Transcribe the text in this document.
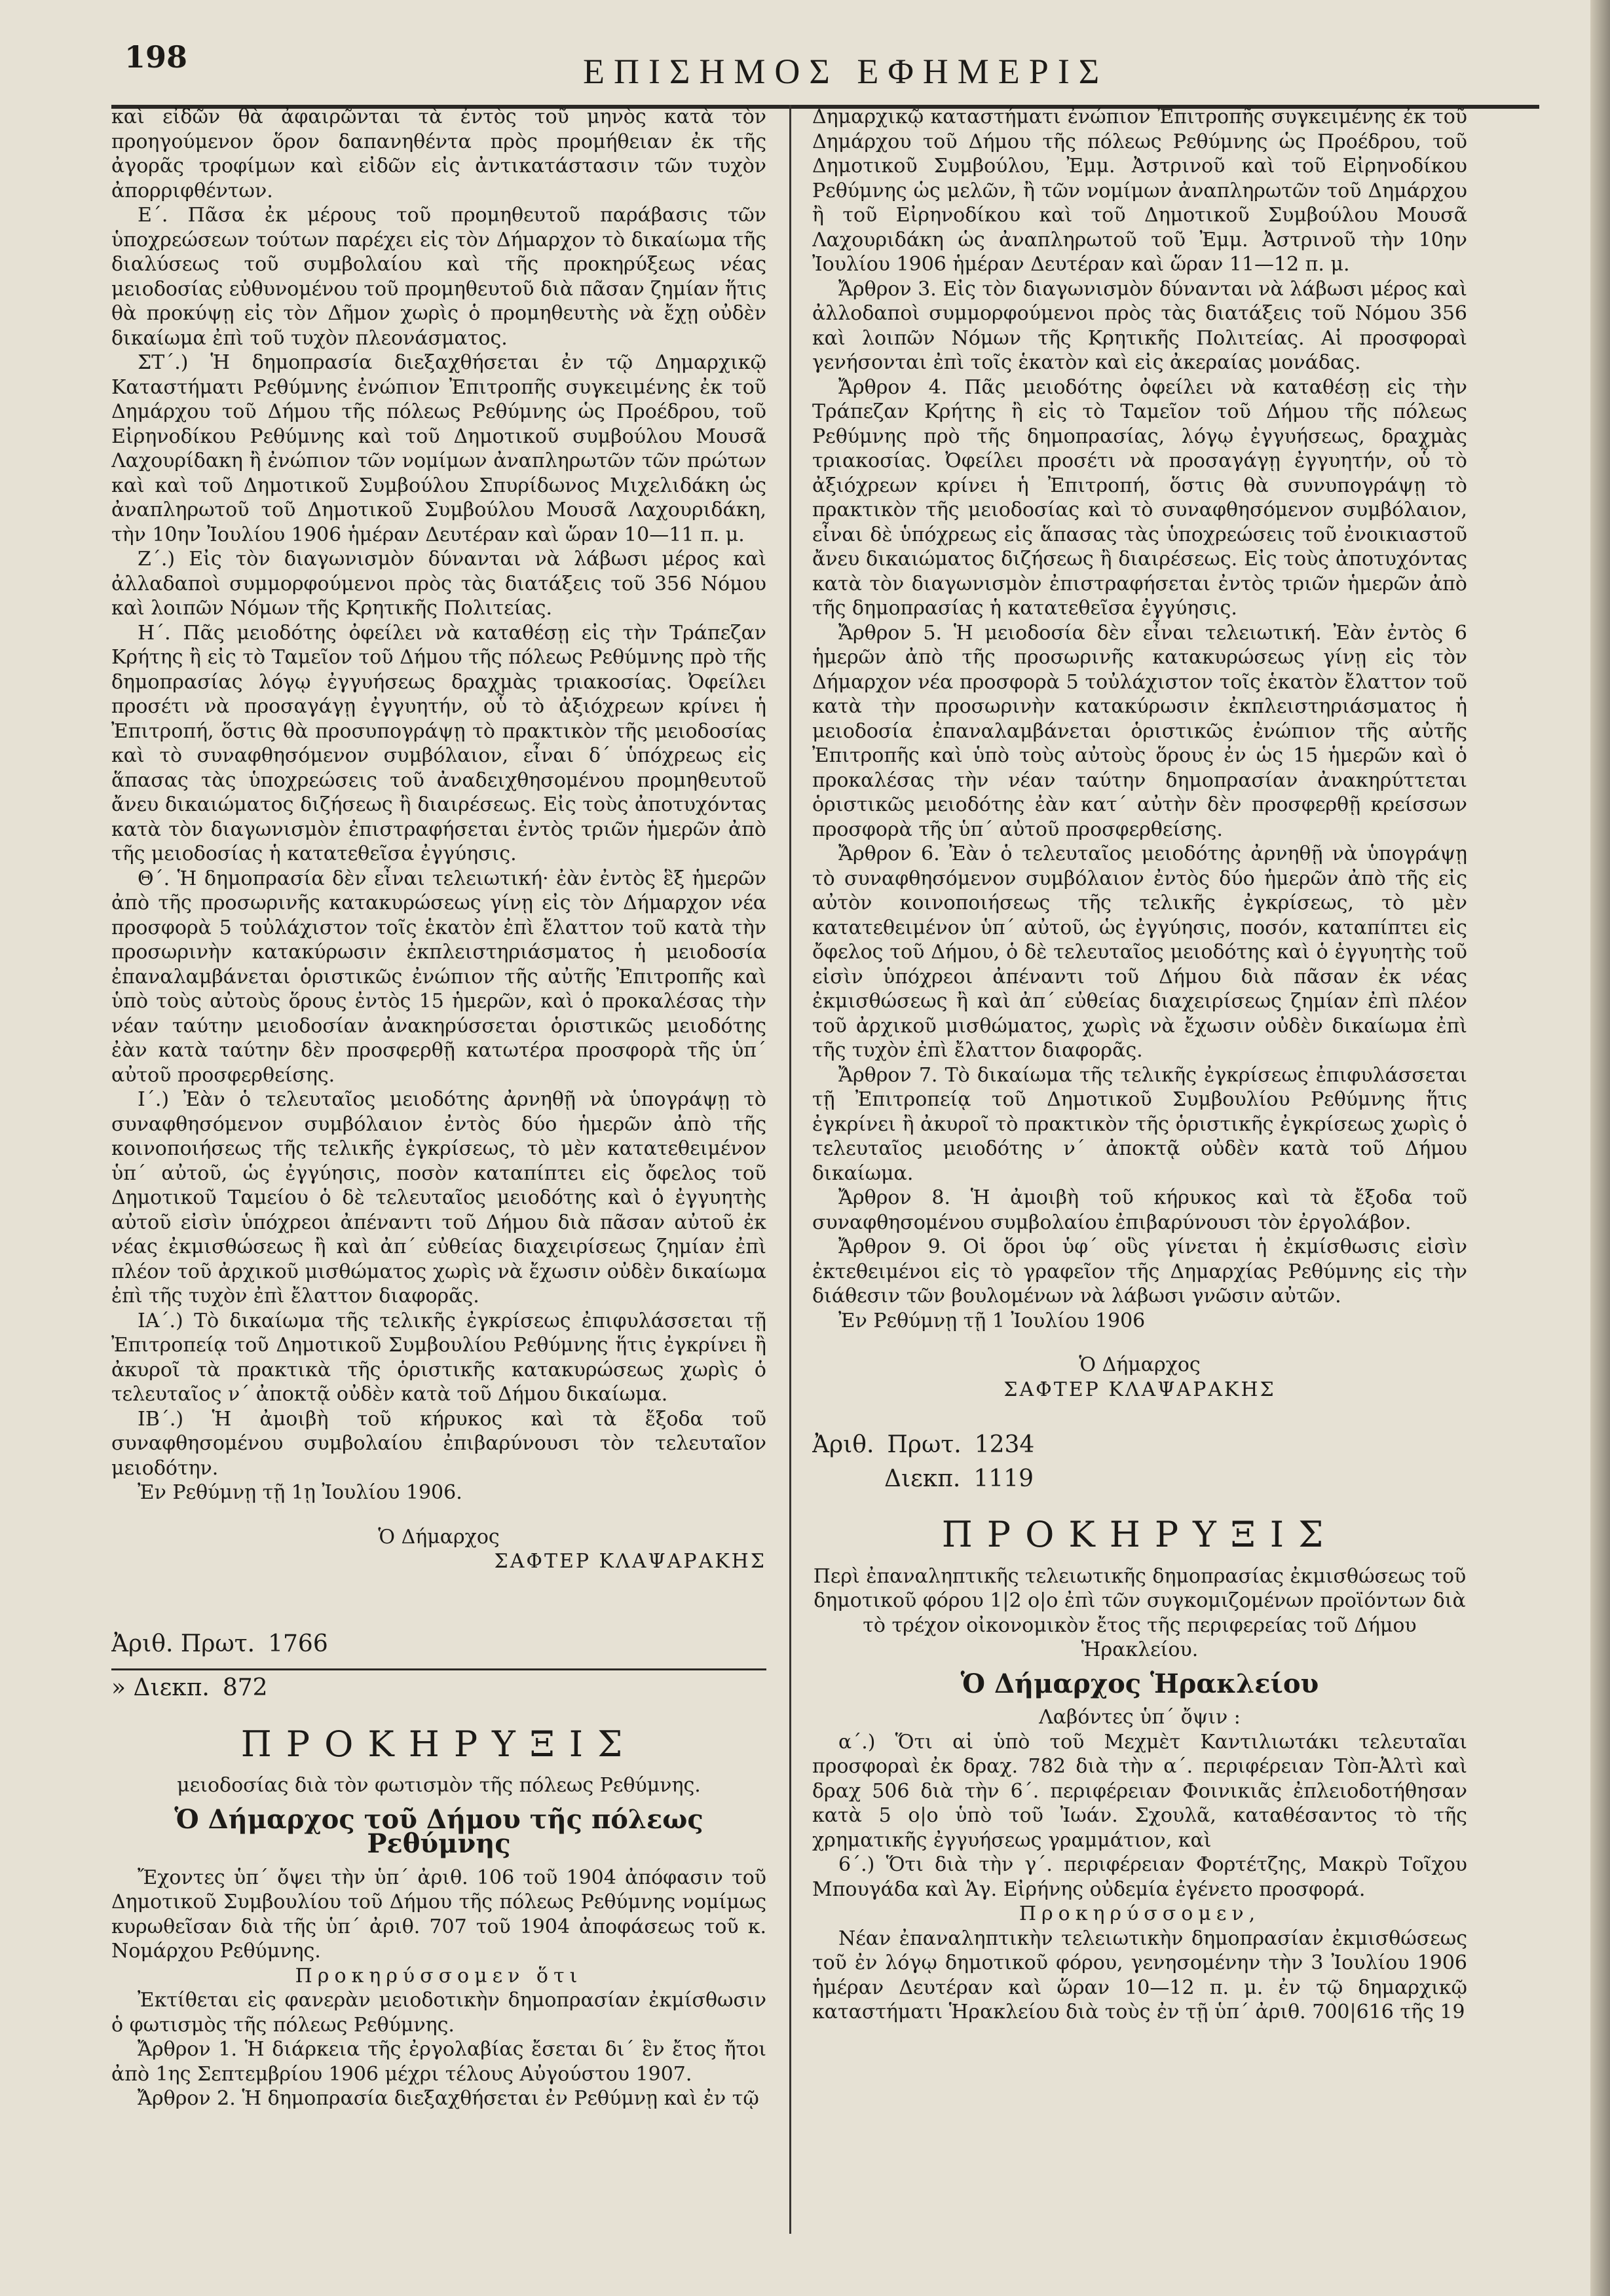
198	ΕΠΙΣΗΜΟΣ ΕΦΗΜΕΡΙΣ

καὶ εἰδῶν θὰ ἀφαιρῶνται τὰ ἐντὸς τοῦ μηνὸς κατὰ τὸν προηγούμενον ὅρον δαπανηθέντα πρὸς προμήθειαν ἐκ τῆς ἀγορᾶς τροφίμων καὶ εἰδῶν εἰς ἀντικατάστασιν τῶν τυχὸν ἀπορριφθέντων.

Ε΄. Πᾶσα ἐκ μέρους τοῦ προμηθευτοῦ παράβασις τῶν ὑποχρεώσεων τούτων παρέχει εἰς τὸν Δήμαρχον τὸ δικαίωμα τῆς διαλύσεως τοῦ συμβολαίου καὶ τῆς προκηρύξεως νέας μειοδοσίας εὐθυνομένου τοῦ προμηθευτοῦ διὰ πᾶσαν ζημίαν ἥτις θὰ προκύψῃ εἰς τὸν Δῆμον χωρὶς ὁ προμηθευτὴς νὰ ἔχῃ οὐδὲν δικαίωμα ἐπὶ τοῦ τυχὸν πλεονάσματος.

ΣΤ΄.) Ἡ δημοπρασία διεξαχθήσεται ἐν τῷ Δημαρχικῷ Καταστήματι Ρεθύμνης ἐνώπιον Ἐπιτροπῆς συγκειμένης ἐκ τοῦ Δημάρχου τοῦ Δήμου τῆς πόλεως Ρεθύμνης ὡς Προέδρου, τοῦ Εἰρηνοδίκου Ρεθύμνης καὶ τοῦ Δημοτικοῦ συμβούλου Μουσᾶ Λαχουρίδακη ἢ ἐνώπιον τῶν νομίμων ἀναπληρωτῶν τῶν πρώτων καὶ καὶ τοῦ Δημοτικοῦ Συμβούλου Σπυρίδωνος Μιχελιδάκη ὡς ἀναπληρωτοῦ τοῦ Δημοτικοῦ Συμβούλου Μουσᾶ Λαχουριδάκη, τὴν 10ην Ἰουλίου 1906 ἡμέραν Δευτέραν καὶ ὥραν 10—11 π. μ.

Ζ΄.) Εἰς τὸν διαγωνισμὸν δύνανται νὰ λάβωσι μέρος καὶ ἀλλαδαποὶ συμμορφούμενοι πρὸς τὰς διατάξεις τοῦ 356 Νόμου καὶ λοιπῶν Νόμων τῆς Κρητικῆς Πολιτείας.

Η΄. Πᾶς μειοδότης ὀφείλει νὰ καταθέσῃ εἰς τὴν Τράπεζαν Κρήτης ἢ εἰς τὸ Ταμεῖον τοῦ Δήμου τῆς πόλεως Ρεθύμνης πρὸ τῆς δημοπρασίας λόγῳ ἐγγυήσεως δραχμὰς τριακοσίας. Ὀφείλει προσέτι νὰ προσαγάγῃ ἐγγυητήν, οὗ τὸ ἀξιόχρεων κρίνει ἡ Ἐπιτροπή, ὅστις θὰ προσυπογράψῃ τὸ πρακτικὸν τῆς μειοδοσίας καὶ τὸ συναφθησόμενον συμβόλαιον, εἶναι δ΄ ὑπόχρεως εἰς ἅπασας τὰς ὑποχρεώσεις τοῦ ἀναδειχθησομένου προμηθευτοῦ ἄνευ δικαιώματος διζήσεως ἢ διαιρέσεως. Εἰς τοὺς ἀποτυχόντας κατὰ τὸν διαγωνισμὸν ἐπιστραφήσεται ἐντὸς τριῶν ἡμερῶν ἀπὸ τῆς μειοδοσίας ἡ κατατεθεῖσα ἐγγύησις.

Θ΄. Ἡ δημοπρασία δὲν εἶναι τελειωτική· ἐὰν ἐντὸς ἓξ ἡμερῶν ἀπὸ τῆς προσωρινῆς κατακυρώσεως γίνῃ εἰς τὸν Δήμαρχον νέα προσφορὰ 5 τοὐλάχιστον τοῖς ἑκατὸν ἐπὶ ἔλαττον τοῦ κατὰ τὴν προσωρινὴν κατακύρωσιν ἐκπλειστηριάσματος ἡ μειοδοσία ἐπαναλαμβάνεται ὁριστικῶς ἐνώπιον τῆς αὐτῆς Ἐπιτροπῆς καὶ ὑπὸ τοὺς αὐτοὺς ὅρους ἐντὸς 15 ἡμερῶν, καὶ ὁ προκαλέσας τὴν νέαν ταύτην μειοδοσίαν ἀνακηρύσσεται ὁριστικῶς μειοδότης ἐὰν κατὰ ταύτην δὲν προσφερθῇ κατωτέρα προσφορὰ τῆς ὑπ΄ αὐτοῦ προσφερθείσης.

Ι΄.) Ἐὰν ὁ τελευταῖος μειοδότης ἀρνηθῇ νὰ ὑπογράψῃ τὸ συναφθησόμενον συμβόλαιον ἐντὸς δύο ἡμερῶν ἀπὸ τῆς κοινοποιήσεως τῆς τελικῆς ἐγκρίσεως, τὸ μὲν κατατεθειμένον ὑπ΄ αὐτοῦ, ὡς ἐγγύησις, ποσὸν καταπίπτει εἰς ὄφελος τοῦ Δημοτικοῦ Ταμείου ὁ δὲ τελευταῖος μειοδότης καὶ ὁ ἐγγυητὴς αὐτοῦ εἰσὶν ὑπόχρεοι ἀπέναντι τοῦ Δήμου διὰ πᾶσαν αὐτοῦ ἐκ νέας ἐκμισθώσεως ἢ καὶ ἀπ΄ εὐθείας διαχειρίσεως ζημίαν ἐπὶ πλέον τοῦ ἀρχικοῦ μισθώματος χωρὶς νὰ ἔχωσιν οὐδὲν δικαίωμα ἐπὶ τῆς τυχὸν ἐπὶ ἔλαττον διαφορᾶς.

ΙΑ΄.) Τὸ δικαίωμα τῆς τελικῆς ἐγκρίσεως ἐπιφυλάσσεται τῇ Ἐπιτροπείᾳ τοῦ Δημοτικοῦ Συμβουλίου Ρεθύμνης ἥτις ἐγκρίνει ἢ ἀκυροῖ τὰ πρακτικὰ τῆς ὁριστικῆς κατακυρώσεως χωρὶς ὁ τελευταῖος ν΄ ἀποκτᾷ οὐδὲν κατὰ τοῦ Δήμου δικαίωμα.

ΙΒ΄.) Ἡ ἀμοιβὴ τοῦ κήρυκος καὶ τὰ ἔξοδα τοῦ συναφθησομένου συμβολαίου ἐπιβαρύνουσι τὸν τελευταῖον μειοδότην.

Ἐν Ρεθύμνῃ τῇ 1ῃ Ἰουλίου 1906.

Ὁ Δήμαρχος

ΣΑΦΤΕΡ ΚΛΑΨΑΡΑΚΗΣ

Ἀριθ. Πρωτ. 1766
» Διεκπ. 872

ΠΡΟΚΗΡΥΞΙΣ

μειοδοσίας διὰ τὸν φωτισμὸν τῆς πόλεως Ρεθύμνης.

Ὁ Δήμαρχος τοῦ Δήμου τῆς πόλεως Ρεθύμνης

Ἔχοντες ὑπ΄ ὄψει τὴν ὑπ΄ ἀριθ. 106 τοῦ 1904 ἀπόφασιν τοῦ Δημοτικοῦ Συμβουλίου τοῦ Δήμου τῆς πόλεως Ρεθύμνης νομίμως κυρωθεῖσαν διὰ τῆς ὑπ΄ ἀριθ. 707 τοῦ 1904 ἀποφάσεως τοῦ κ. Νομάρχου Ρεθύμνης.

Προκηρύσσομεν ὅτι

Ἐκτίθεται εἰς φανερὰν μειοδοτικὴν δημοπρασίαν ἐκμίσθωσιν ὁ φωτισμὸς τῆς πόλεως Ρεθύμνης.

Ἄρθρον 1. Ἡ διάρκεια τῆς ἐργολαβίας ἔσεται δι΄ ἓν ἔτος ἤτοι ἀπὸ 1ης Σεπτεμβρίου 1906 μέχρι τέλους Αὐγούστου 1907.

Ἄρθρον 2. Ἡ δημοπρασία διεξαχθήσεται ἐν Ρεθύμνῃ καὶ ἐν τῷ

Δημαρχικῷ καταστήματι ἐνώπιον Ἐπιτροπῆς συγκειμένης ἐκ τοῦ Δημάρχου τοῦ Δήμου τῆς πόλεως Ρεθύμνης ὡς Προέδρου, τοῦ Δημοτικοῦ Συμβούλου, Ἐμμ. Ἀστρινοῦ καὶ τοῦ Εἰρηνοδίκου Ρεθύμνης ὡς μελῶν, ἢ τῶν νομίμων ἀναπληρωτῶν τοῦ Δημάρχου ἢ τοῦ Εἰρηνοδίκου καὶ τοῦ Δημοτικοῦ Συμβούλου Μουσᾶ Λαχουριδάκη ὡς ἀναπληρωτοῦ τοῦ Ἐμμ. Ἀστρινοῦ τὴν 10ην Ἰουλίου 1906 ἡμέραν Δευτέραν καὶ ὥραν 11—12 π. μ.

Ἄρθρον 3. Εἰς τὸν διαγωνισμὸν δύνανται νὰ λάβωσι μέρος καὶ ἀλλοδαποὶ συμμορφούμενοι πρὸς τὰς διατάξεις τοῦ Νόμου 356 καὶ λοιπῶν Νόμων τῆς Κρητικῆς Πολιτείας. Αἱ προσφοραὶ γενήσονται ἐπὶ τοῖς ἑκατὸν καὶ εἰς ἀκεραίας μονάδας.

Ἄρθρον 4. Πᾶς μειοδότης ὀφείλει νὰ καταθέσῃ εἰς τὴν Τράπεζαν Κρήτης ἢ εἰς τὸ Ταμεῖον τοῦ Δήμου τῆς πόλεως Ρεθύμνης πρὸ τῆς δημοπρασίας, λόγῳ ἐγγυήσεως, δραχμὰς τριακοσίας. Ὀφείλει προσέτι νὰ προσαγάγῃ ἐγγυητήν, οὗ τὸ ἀξιόχρεων κρίνει ἡ Ἐπιτροπή, ὅστις θὰ συνυπογράψῃ τὸ πρακτικὸν τῆς μειοδοσίας καὶ τὸ συναφθησόμενον συμβόλαιον, εἶναι δὲ ὑπόχρεως εἰς ἅπασας τὰς ὑποχρεώσεις τοῦ ἐνοικιαστοῦ ἄνευ δικαιώματος διζήσεως ἢ διαιρέσεως. Εἰς τοὺς ἀποτυχόντας κατὰ τὸν διαγωνισμὸν ἐπιστραφήσεται ἐντὸς τριῶν ἡμερῶν ἀπὸ τῆς δημοπρασίας ἡ κατατεθεῖσα ἐγγύησις.

Ἄρθρον 5. Ἡ μειοδοσία δὲν εἶναι τελειωτική. Ἐὰν ἐντὸς 6 ἡμερῶν ἀπὸ τῆς προσωρινῆς κατακυρώσεως γίνῃ εἰς τὸν Δήμαρχον νέα προσφορὰ 5 τοὐλάχιστον τοῖς ἑκατὸν ἔλαττον τοῦ κατὰ τὴν προσωρινὴν κατακύρωσιν ἐκπλειστηριάσματος ἡ μειοδοσία ἐπαναλαμβάνεται ὁριστικῶς ἐνώπιον τῆς αὐτῆς Ἐπιτροπῆς καὶ ὑπὸ τοὺς αὐτοὺς ὅρους ἐν ὡς 15 ἡμερῶν καὶ ὁ προκαλέσας τὴν νέαν ταύτην δημοπρασίαν ἀνακηρύττεται ὁριστικῶς μειοδότης ἐὰν κατ΄ αὐτὴν δὲν προσφερθῇ κρείσσων προσφορὰ τῆς ὑπ΄ αὐτοῦ προσφερθείσης.

Ἄρθρον 6. Ἐὰν ὁ τελευταῖος μειοδότης ἀρνηθῇ νὰ ὑπογράψῃ τὸ συναφθησόμενον συμβόλαιον ἐντὸς δύο ἡμερῶν ἀπὸ τῆς εἰς αὐτὸν κοινοποιήσεως τῆς τελικῆς ἐγκρίσεως, τὸ μὲν κατατεθειμένον ὑπ΄ αὐτοῦ, ὡς ἐγγύησις, ποσόν, καταπίπτει εἰς ὄφελος τοῦ Δήμου, ὁ δὲ τελευταῖος μειοδότης καὶ ὁ ἐγγυητὴς τοῦ εἰσὶν ὑπόχρεοι ἀπέναντι τοῦ Δήμου διὰ πᾶσαν ἐκ νέας ἐκμισθώσεως ἢ καὶ ἀπ΄ εὐθείας διαχειρίσεως ζημίαν ἐπὶ πλέον τοῦ ἀρχικοῦ μισθώματος, χωρὶς νὰ ἔχωσιν οὐδὲν δικαίωμα ἐπὶ τῆς τυχὸν ἐπὶ ἔλαττον διαφορᾶς.

Ἄρθρον 7. Τὸ δικαίωμα τῆς τελικῆς ἐγκρίσεως ἐπιφυλάσσεται τῇ Ἐπιτροπείᾳ τοῦ Δημοτικοῦ Συμβουλίου Ρεθύμνης ἥτις ἐγκρίνει ἢ ἀκυροῖ τὸ πρακτικὸν τῆς ὁριστικῆς ἐγκρίσεως χωρὶς ὁ τελευταῖος μειοδότης ν΄ ἀποκτᾷ οὐδὲν κατὰ τοῦ Δήμου δικαίωμα.

Ἄρθρον 8. Ἡ ἀμοιβὴ τοῦ κήρυκος καὶ τὰ ἔξοδα τοῦ συναφθησομένου συμβολαίου ἐπιβαρύνουσι τὸν ἐργολάβον.

Ἄρθρον 9. Οἱ ὅροι ὑφ΄ οὓς γίνεται ἡ ἐκμίσθωσις εἰσὶν ἐκτεθειμένοι εἰς τὸ γραφεῖον τῆς Δημαρχίας Ρεθύμνης εἰς τὴν διάθεσιν τῶν βουλομένων νὰ λάβωσι γνῶσιν αὐτῶν.

Ἐν Ρεθύμνῃ τῇ 1 Ἰουλίου 1906

Ὁ Δήμαρχος

ΣΑΦΤΕΡ ΚΛΑΨΑΡΑΚΗΣ

Ἀριθ. Πρωτ. 1234
Διεκπ. 1119

ΠΡΟΚΗΡΥΞΙΣ

Περὶ ἐπαναληπτικῆς τελειωτικῆς δημοπρασίας ἐκμισθώσεως τοῦ δημοτικοῦ φόρου 1|2 ο|ο ἐπὶ τῶν συγκομιζομένων προϊόντων διὰ τὸ τρέχον οἰκονομικὸν ἔτος τῆς περιφερείας τοῦ Δήμου Ἡρακλείου.

Ὁ Δήμαρχος Ἡρακλείου

Λαβόντες ὑπ΄ ὄψιν :

α΄.) Ὅτι αἱ ὑπὸ τοῦ Μεχμὲτ Καντιλιωτάκι τελευταῖαι προσφοραὶ ἐκ δραχ. 782 διὰ τὴν α΄. περιφέρειαν Τὸπ-Ἀλτὶ καὶ δραχ 506 διὰ τὴν 6΄. περιφέρειαν Φοινικιᾶς ἐπλειοδοτήθησαν κατὰ 5 ο|ο ὑπὸ τοῦ Ἰωάν. Σχουλᾶ, καταθέσαντος τὸ τῆς χρηματικῆς ἐγγυήσεως γραμμάτιον, καὶ

6΄.) Ὅτι διὰ τὴν γ΄. περιφέρειαν Φορτέτζης, Μακρὺ Τοῖχου Μπουγάδα καὶ Ἁγ. Εἰρήνης οὐδεμία ἐγένετο προσφορά.

Προκηρύσσομεν,

Νέαν ἐπαναληπτικὴν τελειωτικὴν δημοπρασίαν ἐκμισθώσεως τοῦ ἐν λόγῳ δημοτικοῦ φόρου, γενησομένην τὴν 3 Ἰουλίου 1906 ἡμέραν Δευτέραν καὶ ὥραν 10—12 π. μ. ἐν τῷ δημαρχικῷ καταστήματι Ἡρακλείου διὰ τοὺς ἐν τῇ ὑπ΄ ἀριθ. 700|616 τῆς 19
